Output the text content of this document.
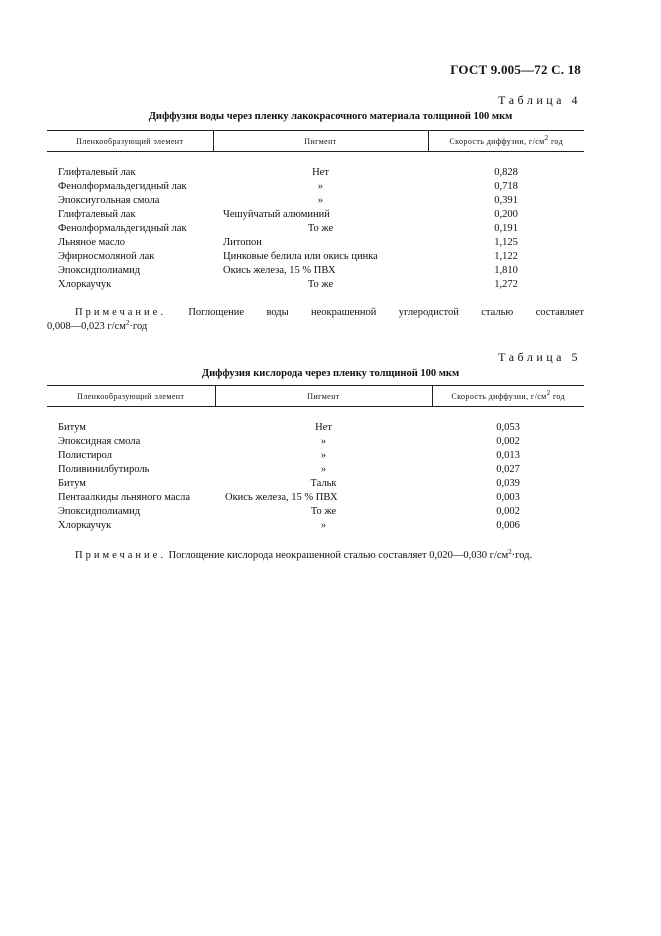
ГОСТ 9.005—72 С. 18
Таблица 4
Диффузия воды через пленку лакокрасочного материала толщиной 100 мкм
Пленкообразующий элемент	Пигмент	Скорость диффузии, $г/см^2$ год
Глифталевый лак	Нет	0,828
Фенолформальдегидный лак	»	0,718
Эпоксиугольная смола	»	0,391
Глифталевый лак	Чешуйчатый алюминий	0,200
Фенолформальдегидный лак	То же	0,191
Льняное масло	Литопон	1,125
Эфирносмоляной лак	Цинковые белила или окись цинка	1,122
Эпоксидполиамид	Окись железа, 15 % ПВХ	1,810
Хлоркаучук	То же	1,272
Примечание. Поглощение воды неокрашенной углеродистой сталью составляет
0,008—0,023 $г/см^2\cdot год$
Таблица 5
Диффузия кислорода через пленку толщиной 100 мкм
Пленкообразующий элемент	Пигмент	Скорость диффузии, $г/см^2$ год
Битум	Нет	0,053
Эпоксидная смола	»	0,002
Полистирол	»	0,013
Поливинилбутироль	»	0,027
Битум	Тальк	0,039
Пентаалкиды льняного масла	Окись железа, 15 % ПВХ	0,003
Эпоксидполиамид	То же	0,002
Хлоркаучук	»	0,006
Примечание. Поглощение кислорода неокрашенной сталью составляет 0,020—0,030 $г/см^2\cdot год$.
